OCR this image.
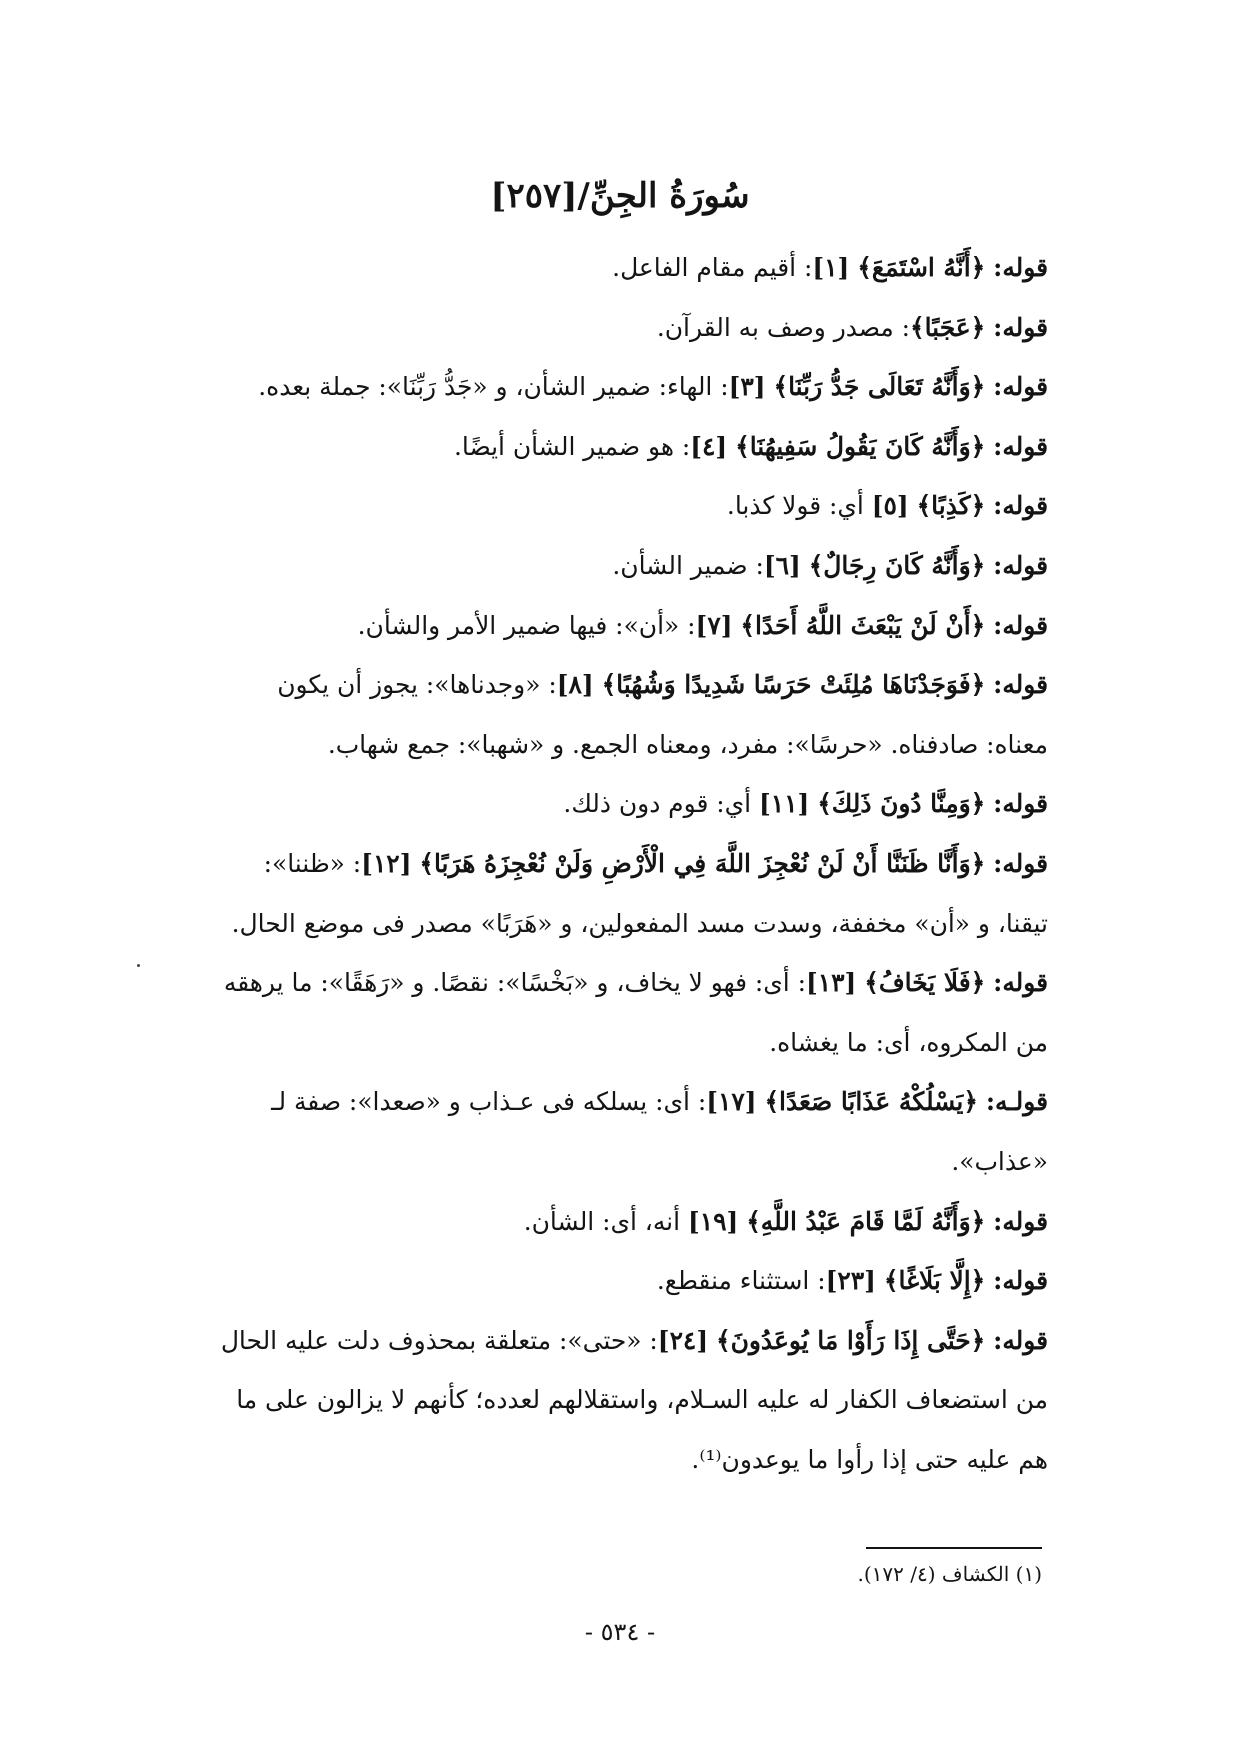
سُورَةُ الجِنِّ/[٢٥٧]

قوله: ﴿أَنَّهُ اسْتَمَعَ﴾ [١]: أقيم مقام الفاعل.

قوله: ﴿عَجَبًا﴾: مصدر وصف به القرآن.

قوله: ﴿وَأَنَّهُ تَعَالَى جَدُّ رَبِّنَا﴾ [٣]: الهاء: ضمير الشأن، و «جَدُّ رَبِّنَا»: جملة بعده.

قوله: ﴿وَأَنَّهُ كَانَ يَقُولُ سَفِيهُنَا﴾ [٤]: هو ضمير الشأن أيضًا.

قوله: ﴿كَذِبًا﴾ [٥] أي: قولا كذبا.

قوله: ﴿وَأَنَّهُ كَانَ رِجَالٌ﴾ [٦]: ضمير الشأن.

قوله: ﴿أَنْ لَنْ يَبْعَثَ اللَّهُ أَحَدًا﴾ [٧]: «أن»: فيها ضمير الأمر والشأن.

قوله: ﴿فَوَجَدْنَاهَا مُلِئَتْ حَرَسًا شَدِيدًا وَشُهُبًا﴾ [٨]: «وجدناها»: يجوز أن يكون معناه: صادفناه. «حرسًا»: مفرد، ومعناه الجمع. و «شهبا»: جمع شهاب.

قوله: ﴿وَمِنَّا دُونَ ذَلِكَ﴾ [١١] أي: قوم دون ذلك.

قوله: ﴿وَأَنَّا ظَنَنَّا أَنْ لَنْ نُعْجِزَ اللَّهَ فِي الْأَرْضِ وَلَنْ نُعْجِزَهُ هَرَبًا﴾ [١٢]: «ظننا»: تيقنا، و «أن» مخففة، وسدت مسد المفعولين، و «هَرَبًا» مصدر فى موضع الحال.

قوله: ﴿فَلَا يَخَافُ﴾ [١٣]: أى: فهو لا يخاف، و «بَخْسًا»: نقصًا. و «رَهَقًا»: ما يرهقه من المكروه، أى: ما يغشاه.

قولـه: ﴿يَسْلُكْهُ عَذَابًا صَعَدًا﴾ [١٧]: أى: يسلكه فى عـذاب و «صعدا»: صفة لـ «عذاب».

قوله: ﴿وَأَنَّهُ لَمَّا قَامَ عَبْدُ اللَّهِ﴾ [١٩] أنه، أى: الشأن.

قوله: ﴿إِلَّا بَلَاغًا﴾ [٢٣]: استثناء منقطع.

قوله: ﴿حَتَّى إِذَا رَأَوْا مَا يُوعَدُونَ﴾ [٢٤]: «حتى»: متعلقة بمحذوف دلت عليه الحال من استضعاف الكفار له عليه السـلام، واستقلالهم لعدده؛ كأنهم لا يزالون على ما هم عليه حتى إذا رأوا ما يوعدون⁽¹⁾.

(١) الكشاف (٤/ ١٧٢).
- ٥٣٤ -
